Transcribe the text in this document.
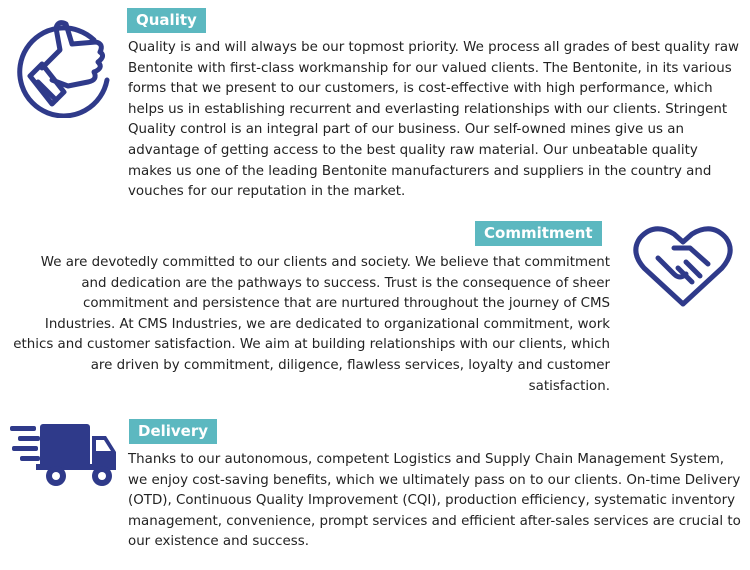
Quality

Quality is and will always be our topmost priority. We process all grades of best quality raw Bentonite with first-class workmanship for our valued clients. The Bentonite, in its various forms that we present to our customers, is cost-effective with high performance, which helps us in establishing recurrent and everlasting relationships with our clients. Stringent Quality control is an integral part of our business. Our self-owned mines give us an advantage of getting access to the best quality raw material. Our unbeatable quality makes us one of the leading Bentonite manufacturers and suppliers in the country and vouches for our reputation in the market.

Commitment

We are devotedly committed to our clients and society. We believe that commitment and dedication are the pathways to success. Trust is the consequence of sheer commitment and persistence that are nurtured throughout the journey of CMS Industries. At CMS Industries, we are dedicated to organizational commitment, work ethics and customer satisfaction. We aim at building relationships with our clients, which are driven by commitment, diligence, flawless services, loyalty and customer satisfaction.

Delivery

Thanks to our autonomous, competent Logistics and Supply Chain Management System, we enjoy cost-saving benefits, which we ultimately pass on to our clients. On-time Delivery (OTD), Continuous Quality Improvement (CQI), production efficiency, systematic inventory management, convenience, prompt services and efficient after-sales services are crucial to our existence and success.
